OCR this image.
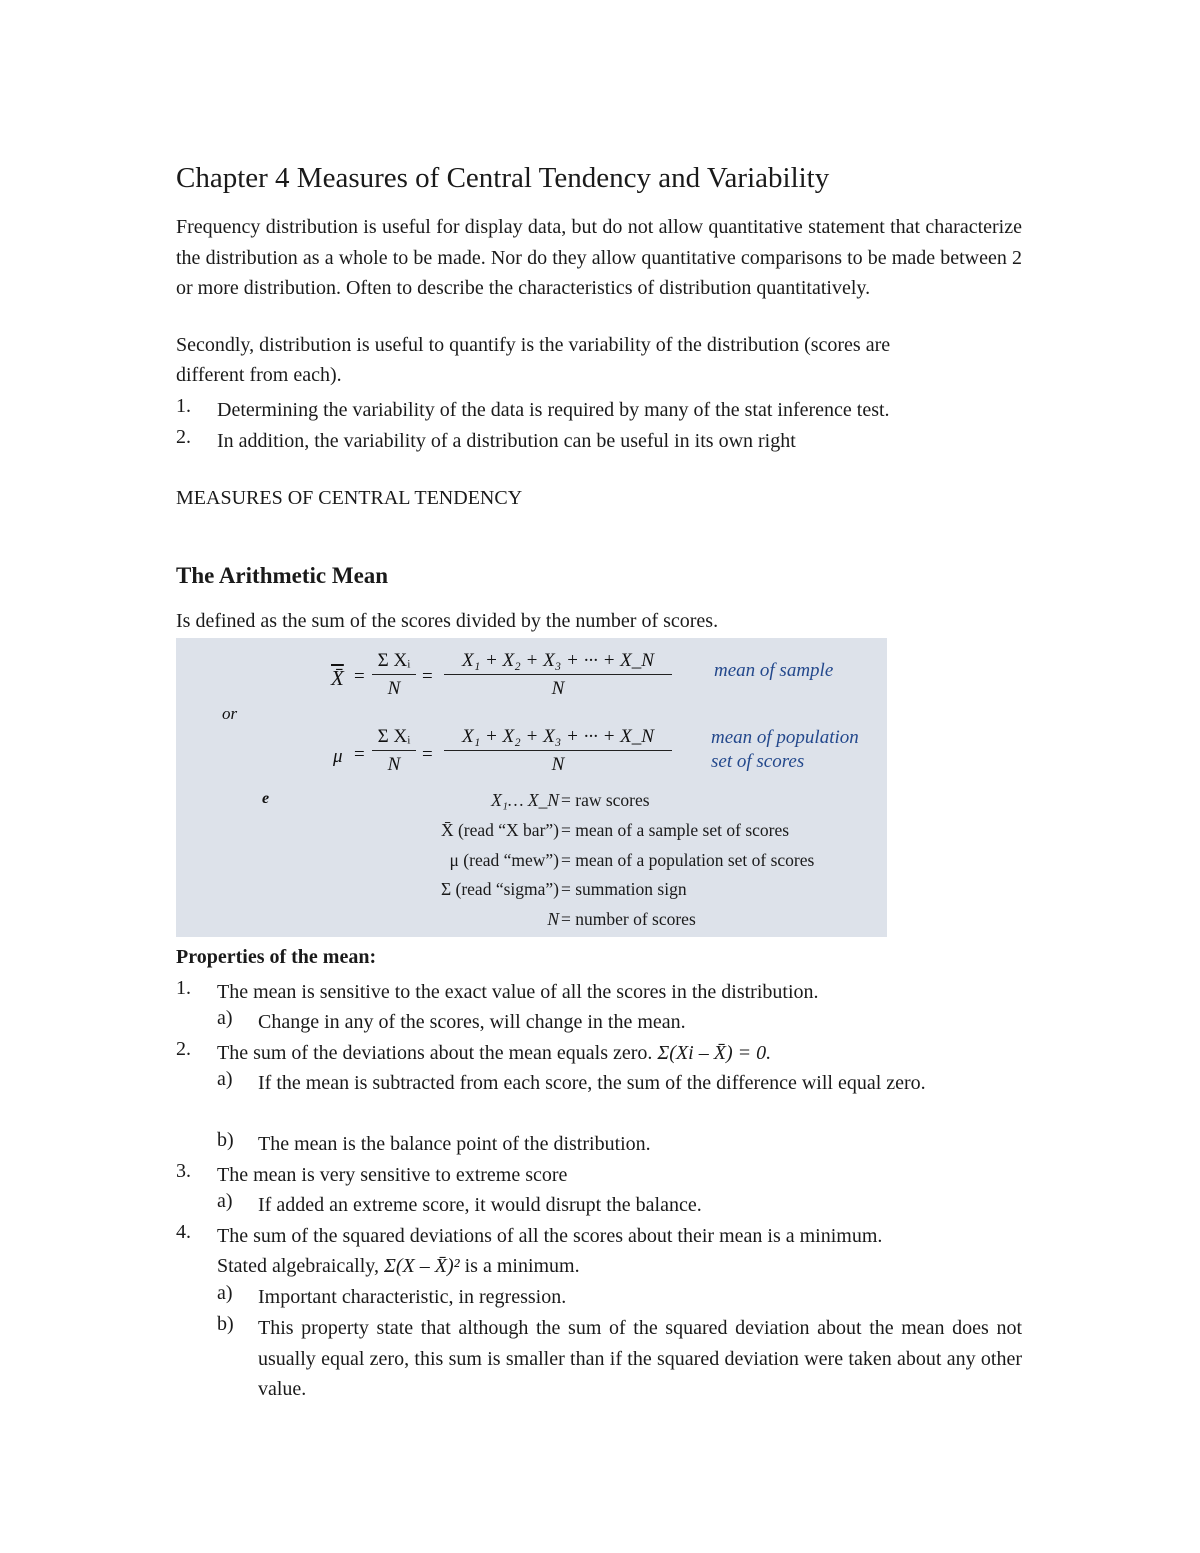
Chapter 4 Measures of Central Tendency and Variability
Frequency distribution is useful for display data, but do not allow quantitative statement that characterize the distribution as a whole to be made. Nor do they allow quantitative comparisons to be made between 2 or more distribution. Often to describe the characteristics of distribution quantitatively.
Secondly, distribution is useful to quantify is the variability of the distribution (scores are
different from each).
1. Determining the variability of the data is required by many of the stat inference test.
2. In addition, the variability of a distribution can be useful in its own right
MEASURES OF CENTRAL TENDENCY
The Arithmetic Mean
Is defined as the sum of the scores divided by the number of scores.
X̄ = $\frac{\text{Σ Xᵢ}}{N} = \frac{\text{X₁ + X₂ + X₃ + ··· + X\_N}}{N}$ mean of sample
or
$\mu = \frac{\text{Σ Xᵢ}}{N} = \frac{\text{X₁ + X₂ + X₃ + ··· + X\_N}}{N}$ mean of population
set of scores
e	X₁… X_N = raw scores
X̄ (read “X bar”) = mean of a sample set of scores
μ (read “mew”) = mean of a population set of scores
Σ (read “sigma”) = summation sign
N = number of scores
Properties of the mean:
1. The mean is sensitive to the exact value of all the scores in the distribution.
a) Change in any of the scores, will change in the mean.
2. The sum of the deviations about the mean equals zero. Σ(Xi – X̄) = 0.
a) If the mean is subtracted from each score, the sum of the difference will equal zero.
b) The mean is the balance point of the distribution.
3. The mean is very sensitive to extreme score
a) If added an extreme score, it would disrupt the balance.
4. The sum of the squared deviations of all the scores about their mean is a minimum.
Stated algebraically, Σ(X – X̄)² is a minimum.
a) Important characteristic, in regression.
b) This property state that although the sum of the squared deviation about the mean does not usually equal zero, this sum is smaller than if the squared deviation were taken about any other value.
